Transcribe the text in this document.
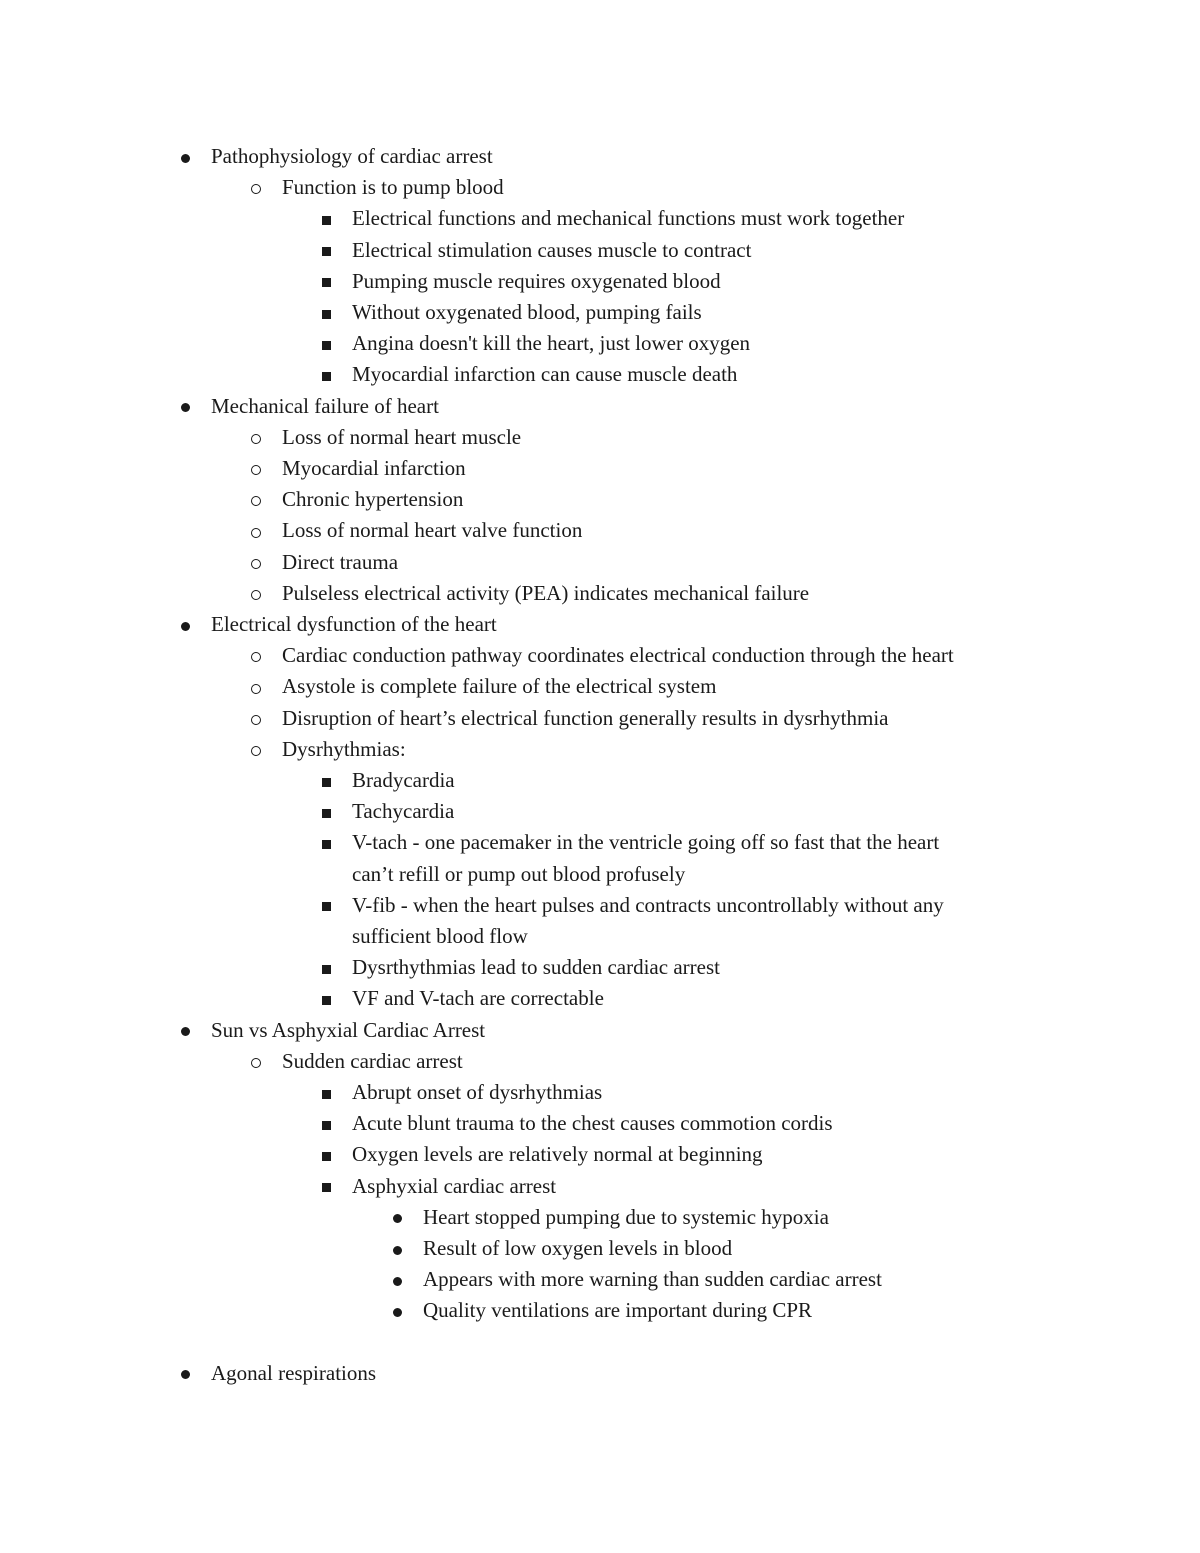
Pathophysiology of cardiac arrest
Function is to pump blood
Electrical functions and mechanical functions must work together
Electrical stimulation causes muscle to contract
Pumping muscle requires oxygenated blood
Without oxygenated blood, pumping fails
Angina doesn't kill the heart, just lower oxygen
Myocardial infarction can cause muscle death
Mechanical failure of heart
Loss of normal heart muscle
Myocardial infarction
Chronic hypertension
Loss of normal heart valve function
Direct trauma
Pulseless electrical activity (PEA) indicates mechanical failure
Electrical dysfunction of the heart
Cardiac conduction pathway coordinates electrical conduction through the heart
Asystole is complete failure of the electrical system
Disruption of heart’s electrical function generally results in dysrhythmia
Dysrhythmias:
Bradycardia
Tachycardia
V-tach - one pacemaker in the ventricle going off so fast that the heart
can’t refill or pump out blood profusely
V-fib - when the heart pulses and contracts uncontrollably without any
sufficient blood flow
Dysrthythmias lead to sudden cardiac arrest
VF and V-tach are correctable
Sun vs Asphyxial Cardiac Arrest
Sudden cardiac arrest
Abrupt onset of dysrhythmias
Acute blunt trauma to the chest causes commotion cordis
Oxygen levels are relatively normal at beginning
Asphyxial cardiac arrest
Heart stopped pumping due to systemic hypoxia
Result of low oxygen levels in blood
Appears with more warning than sudden cardiac arrest
Quality ventilations are important during CPR
Agonal respirations
